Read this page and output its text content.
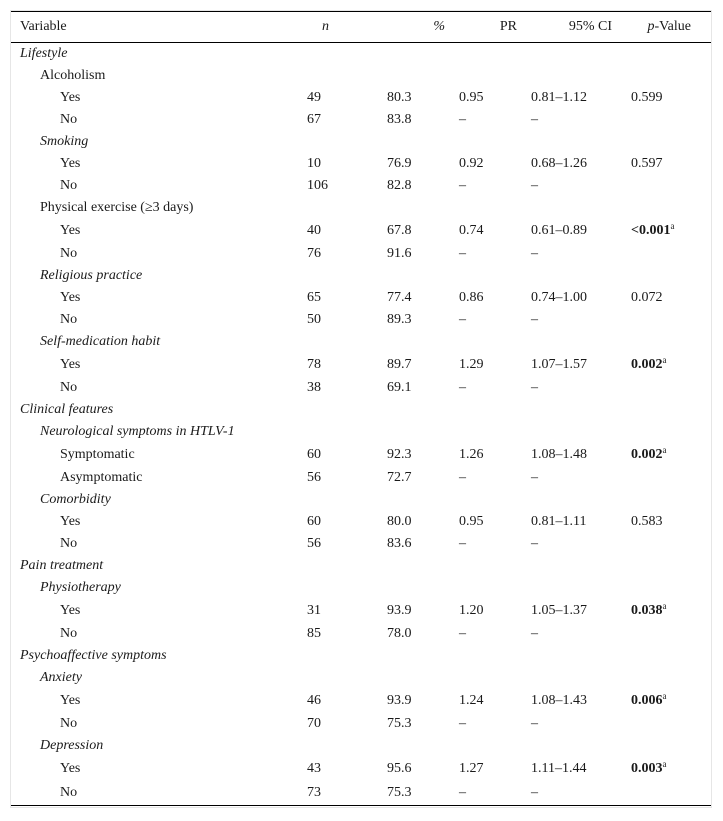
Variable	n	%	PR	95% CI	p-Value
Lifestyle					
Alcoholism					
Yes	49	80.3	0.95	0.81–1.12	0.599
No	67	83.8	–	–	
Smoking					
Yes	10	76.9	0.92	0.68–1.26	0.597
No	106	82.8	–	–	
Physical exercise (≥3 days)					
Yes	40	67.8	0.74	0.61–0.89	<0.001$^a$
No	76	91.6	–	–	
Religious practice					
Yes	65	77.4	0.86	0.74–1.00	0.072
No	50	89.3	–	–	
Self-medication habit					
Yes	78	89.7	1.29	1.07–1.57	0.002$^a$
No	38	69.1	–	–	
Clinical features					
Neurological symptoms in HTLV-1					
Symptomatic	60	92.3	1.26	1.08–1.48	0.002$^a$
Asymptomatic	56	72.7	–	–	
Comorbidity					
Yes	60	80.0	0.95	0.81–1.11	0.583
No	56	83.6	–	–	
Pain treatment					
Physiotherapy					
Yes	31	93.9	1.20	1.05–1.37	0.038$^a$
No	85	78.0	–	–	
Psychoaffective symptoms					
Anxiety					
Yes	46	93.9	1.24	1.08–1.43	0.006$^a$
No	70	75.3	–	–	
Depression					
Yes	43	95.6	1.27	1.11–1.44	0.003$^a$
No	73	75.3	–	–	
